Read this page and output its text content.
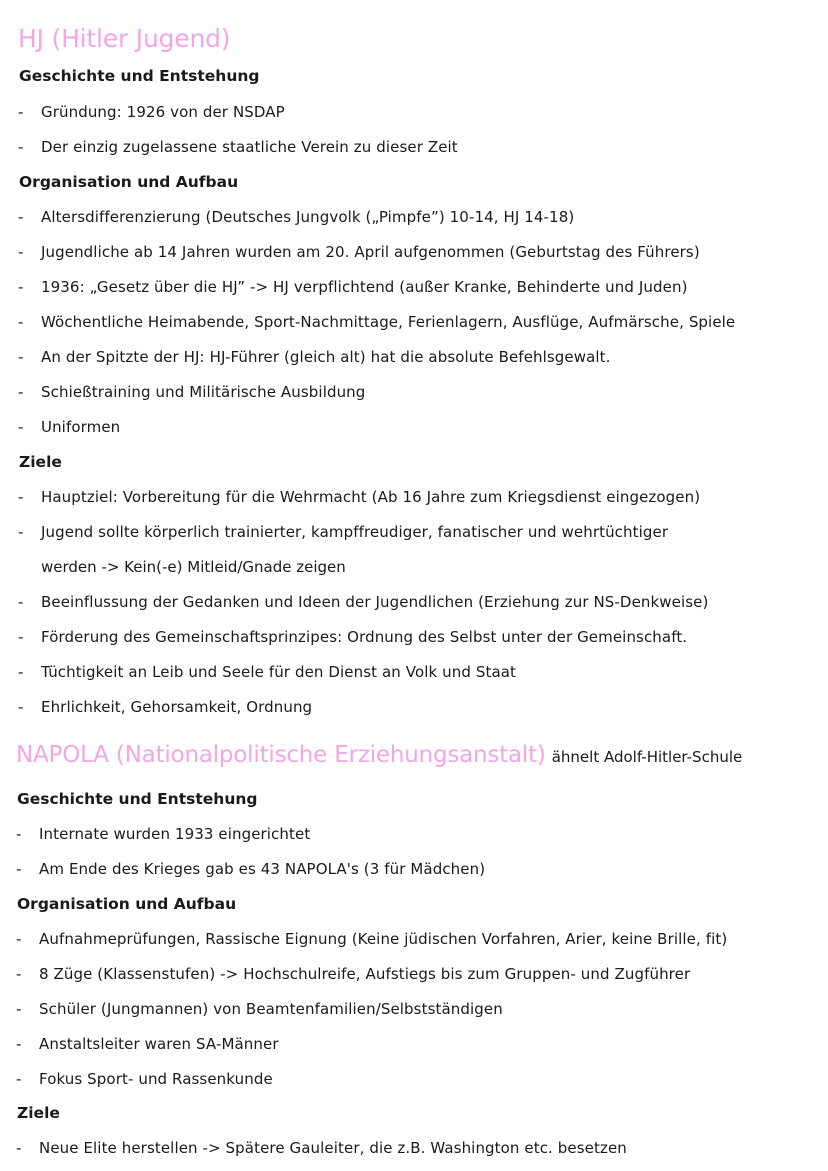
HJ (Hitler Jugend)
Geschichte und Entstehung
- Gründung: 1926 von der NSDAP
- Der einzig zugelassene staatliche Verein zu dieser Zeit
Organisation und Aufbau
- Altersdifferenzierung (Deutsches Jungvolk („Pimpfe”) 10-14, HJ 14-18)
- Jugendliche ab 14 Jahren wurden am 20. April aufgenommen (Geburtstag des Führers)
- 1936: „Gesetz über die HJ” -> HJ verpflichtend (außer Kranke, Behinderte und Juden)
- Wöchentliche Heimabende, Sport-Nachmittage, Ferienlagern, Ausflüge, Aufmärsche, Spiele
- An der Spitzte der HJ: HJ-Führer (gleich alt) hat die absolute Befehlsgewalt.
- Schießtraining und Militärische Ausbildung
- Uniformen
Ziele
- Hauptziel: Vorbereitung für die Wehrmacht (Ab 16 Jahre zum Kriegsdienst eingezogen)
- Jugend sollte körperlich trainierter, kampffreudiger, fanatischer und wehrtüchtiger
werden -> Kein(-e) Mitleid/Gnade zeigen
- Beeinflussung der Gedanken und Ideen der Jugendlichen (Erziehung zur NS-Denkweise)
- Förderung des Gemeinschaftsprinzipes: Ordnung des Selbst unter der Gemeinschaft.
- Tüchtigkeit an Leib und Seele für den Dienst an Volk und Staat
- Ehrlichkeit, Gehorsamkeit, Ordnung
NAPOLA (Nationalpolitische Erziehungsanstalt) ähnelt Adolf-Hitler-Schule
Geschichte und Entstehung
- Internate wurden 1933 eingerichtet
- Am Ende des Krieges gab es 43 NAPOLA's (3 für Mädchen)
Organisation und Aufbau
- Aufnahmeprüfungen, Rassische Eignung (Keine jüdischen Vorfahren, Arier, keine Brille, fit)
- 8 Züge (Klassenstufen) -> Hochschulreife, Aufstiegs bis zum Gruppen- und Zugführer
- Schüler (Jungmannen) von Beamtenfamilien/Selbstständigen
- Anstaltsleiter waren SA-Männer
- Fokus Sport- und Rassenkunde
Ziele
- Neue Elite herstellen -> Spätere Gauleiter, die z.B. Washington etc. besetzen
